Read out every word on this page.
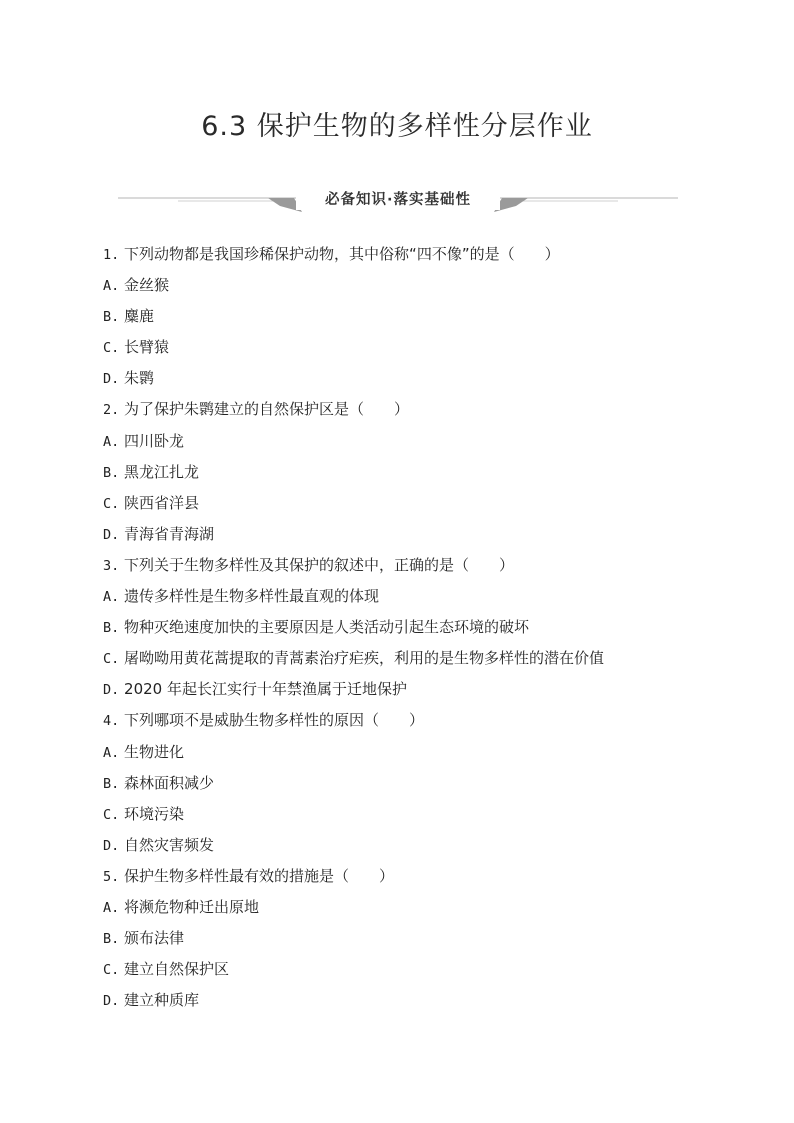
6.3 保护生物的多样性分层作业
必备知识·落实基础性
1. 下列动物都是我国珍稀保护动物，其中俗称“四不像”的是（　　）
A. 金丝猴
B. 麋鹿
C. 长臂猿
D. 朱鹮
2. 为了保护朱鹮建立的自然保护区是（　　）
A. 四川卧龙
B. 黑龙江扎龙
C. 陕西省洋县
D. 青海省青海湖
3. 下列关于生物多样性及其保护的叙述中，正确的是（　　）
A. 遗传多样性是生物多样性最直观的体现
B. 物种灭绝速度加快的主要原因是人类活动引起生态环境的破坏
C. 屠呦呦用黄花蒿提取的青蒿素治疗疟疾，利用的是生物多样性的潜在价值
D. 2020 年起长江实行十年禁渔属于迁地保护
4. 下列哪项不是威胁生物多样性的原因（　　）
A. 生物进化
B. 森林面积减少
C. 环境污染
D. 自然灾害频发
5. 保护生物多样性最有效的措施是（　　）
A. 将濒危物种迁出原地
B. 颁布法律
C. 建立自然保护区
D. 建立种质库
